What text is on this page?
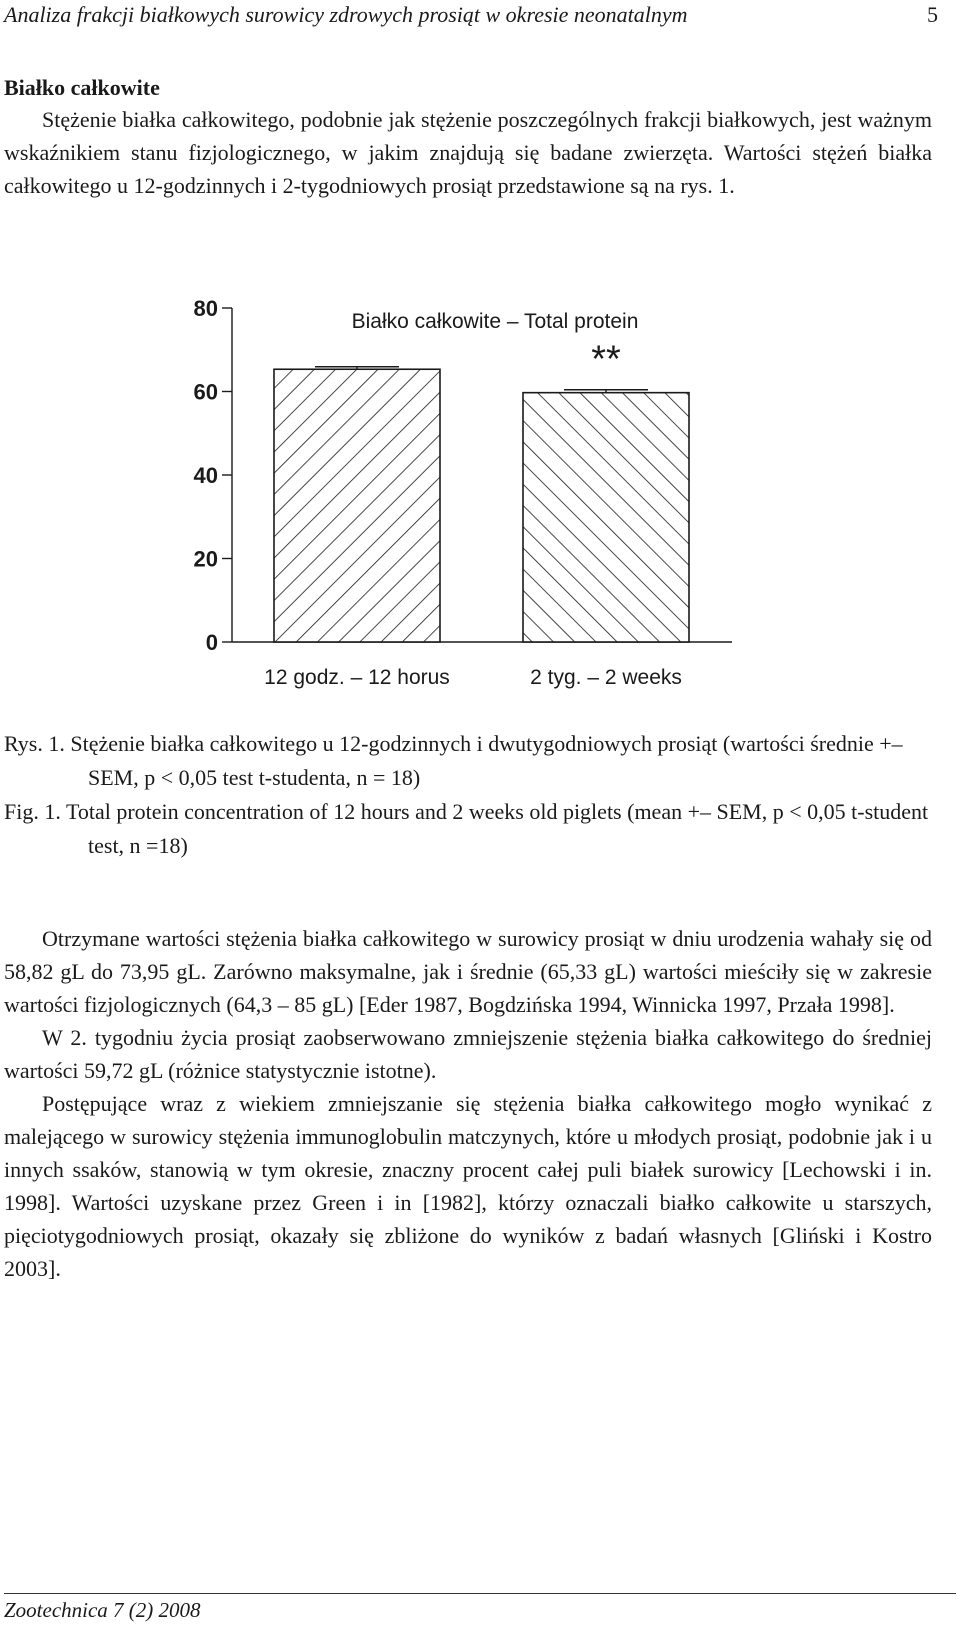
Analiza frakcji białkowych surowicy zdrowych prosiąt w okresie neonatalnym	5
Białko całkowite

Stężenie białka całkowitego, podobnie jak stężenie poszczególnych frakcji białkowych, jest ważnym wskaźnikiem stanu fizjologicznego, w jakim znajdują się badane zwierzęta. Wartości stężeń białka całkowitego u 12-godzinnych i 2-tygodniowych prosiąt przedstawione są na rys. 1.

0
20
40
60
80
12 godz. – 12 horus	2 tyg. – 2 weeks
**
Białko całkowite – Total protein

Rys. 1. Stężenie białka całkowitego u 12-godzinnych i dwutygodniowych prosiąt (wartości średnie +– SEM, p < 0,05 test t-studenta, n = 18)

Fig. 1. Total protein concentration of 12 hours and 2 weeks old piglets (mean +– SEM, p < 0,05 t-student test, n =18)

Otrzymane wartości stężenia białka całkowitego w surowicy prosiąt w dniu urodzenia wahały się od 58,82 gL do 73,95 gL. Zarówno maksymalne, jak i średnie (65,33 gL) wartości mieściły się w zakresie wartości fizjologicznych (64,3 – 85 gL) [Eder 1987, Bogdzińska 1994, Winnicka 1997, Przała 1998].

W 2. tygodniu życia prosiąt zaobserwowano zmniejszenie stężenia białka całkowitego do średniej wartości 59,72 gL (różnice statystycznie istotne).

Postępujące wraz z wiekiem zmniejszanie się stężenia białka całkowitego mogło wynikać z malejącego w surowicy stężenia immunoglobulin matczynych, które u młodych prosiąt, podobnie jak i u innych ssaków, stanowią w tym okresie, znaczny procent całej puli białek surowicy [Lechowski i in. 1998]. Wartości uzyskane przez Green i in [1982], którzy oznaczali białko całkowite u starszych, pięciotygodniowych prosiąt, okazały się zbliżone do wyników z badań własnych [Gliński i Kostro 2003].

Zootechnica 7 (2) 2008
